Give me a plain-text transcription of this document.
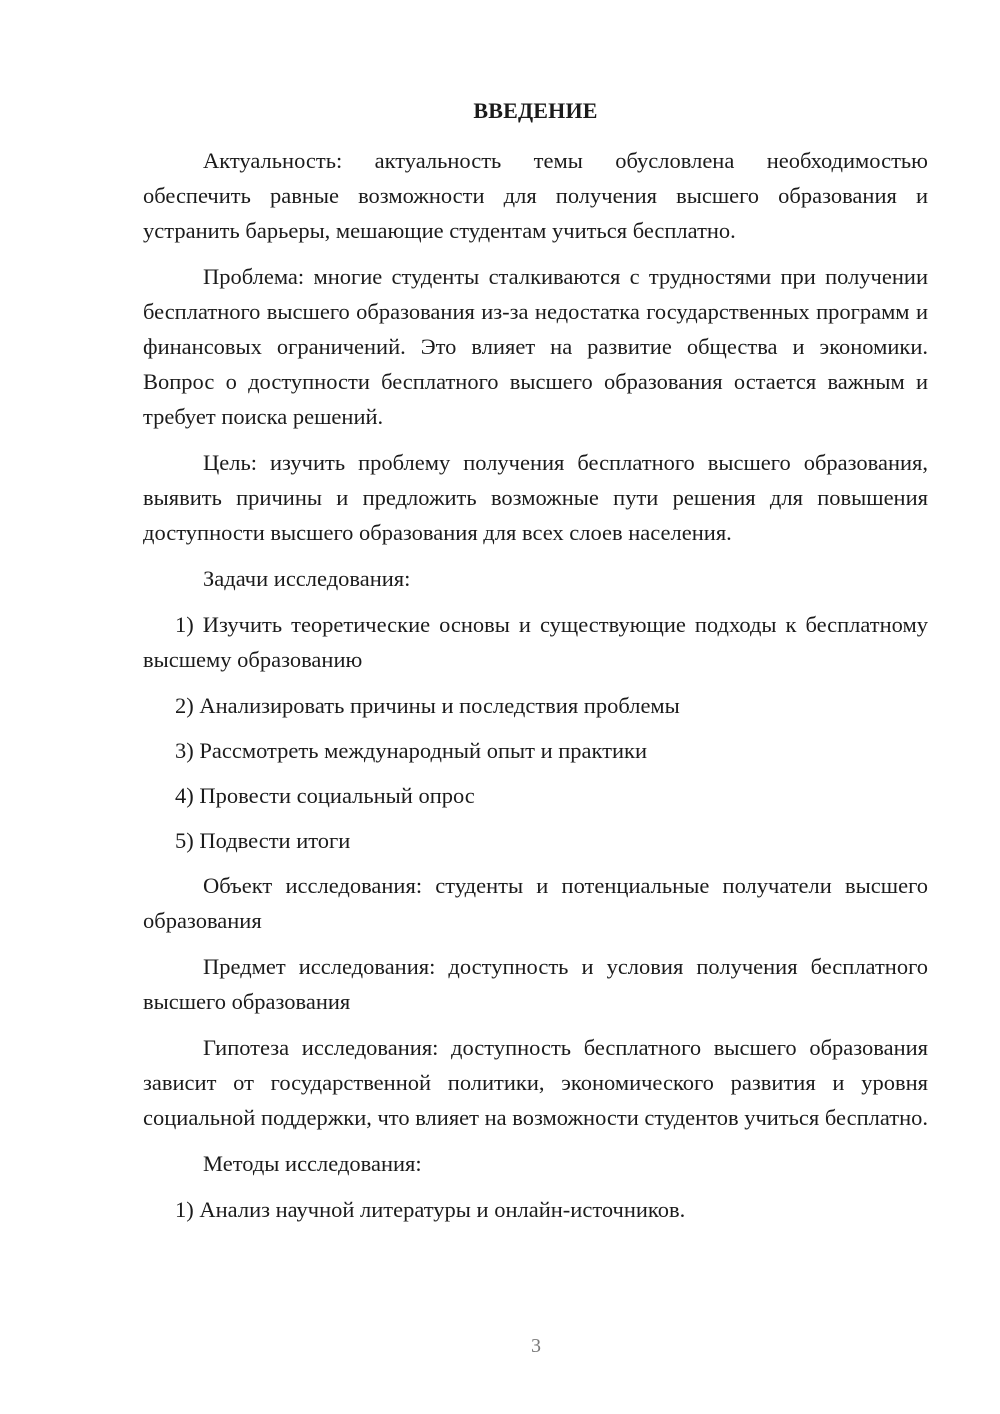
ВВЕДЕНИЕ

Актуальность: актуальность темы обусловлена необходимостью обеспечить равные возможности для получения высшего образования и устранить барьеры, мешающие студентам учиться бесплатно.

Проблема: многие студенты сталкиваются с трудностями при получении бесплатного высшего образования из-за недостатка государственных программ и финансовых ограничений. Это влияет на развитие общества и экономики. Вопрос о доступности бесплатного высшего образования остается важным и требует поиска решений.

Цель: изучить проблему получения бесплатного высшего образования, выявить причины и предложить возможные пути решения для повышения доступности высшего образования для всех слоев населения.

Задачи исследования:

1) Изучить теоретические основы и существующие подходы к бесплатному высшему образованию

2) Анализировать причины и последствия проблемы

3) Рассмотреть международный опыт и практики

4) Провести социальный опрос

5) Подвести итоги

Объект исследования: студенты и потенциальные получатели высшего образования

Предмет исследования: доступность и условия получения бесплатного высшего образования

Гипотеза исследования: доступность бесплатного высшего образования зависит от государственной политики, экономического развития и уровня социальной поддержки, что влияет на возможности студентов учиться бесплатно.

Методы исследования:

1) Анализ научной литературы и онлайн-источников.

3
